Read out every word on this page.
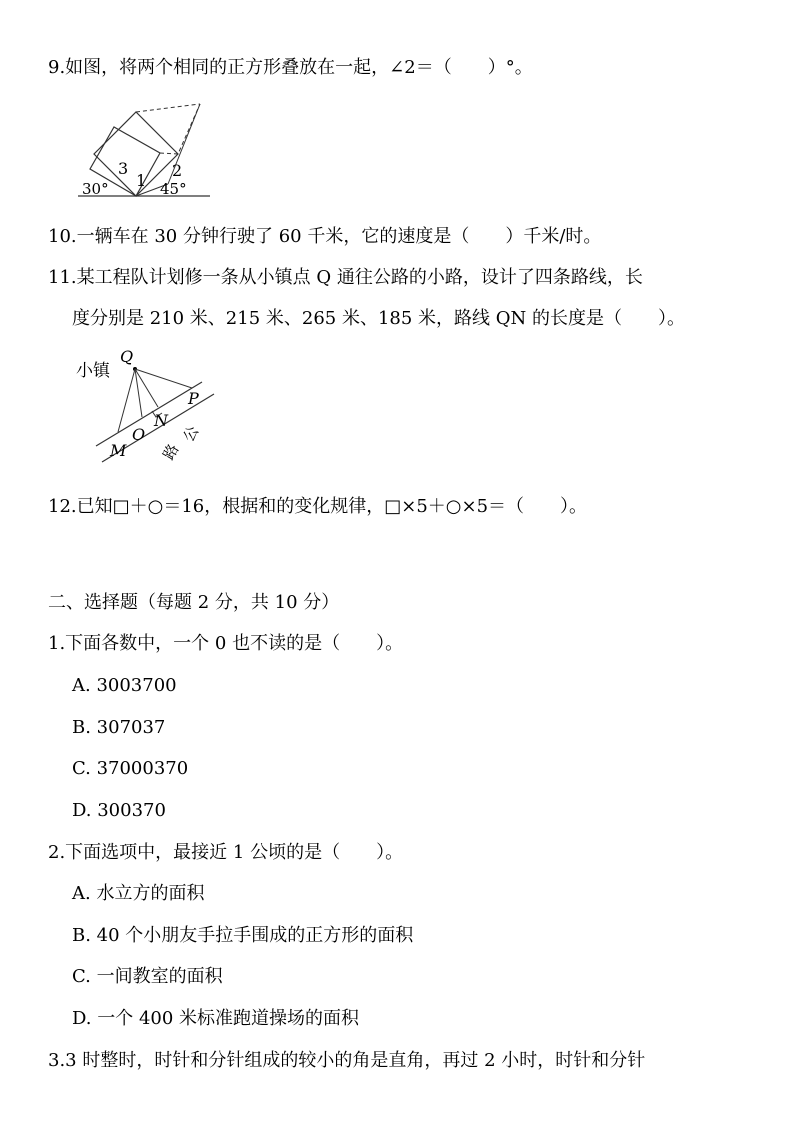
9.如图，将两个相同的正方形叠放在一起，∠2＝（　　）°。
3
1
2
30°	45°
10.一辆车在 30 分钟行驶了 60 千米，它的速度是（　　）千米/时。
11.某工程队计划修一条从小镇点 Q 通往公路的小路，设计了四条路线，长
度分别是 210 米、215 米、265 米、185 米，路线 QN 的长度是（　　）。
小镇
Q
P
N
O
M
公
路
12.已知□＋○＝16，根据和的变化规律，□×5＋○×5＝（　　）。
二、选择题（每题 2 分，共 10 分）
1.下面各数中，一个 0 也不读的是（　　）。
A. 3003700
B. 307037
C. 37000370
D. 300370
2.下面选项中，最接近 1 公顷的是（　　）。
A. 水立方的面积
B. 40 个小朋友手拉手围成的正方形的面积
C. 一间教室的面积
D. 一个 400 米标准跑道操场的面积
3.3 时整时，时针和分针组成的较小的角是直角，再过 2 小时，时针和分针
